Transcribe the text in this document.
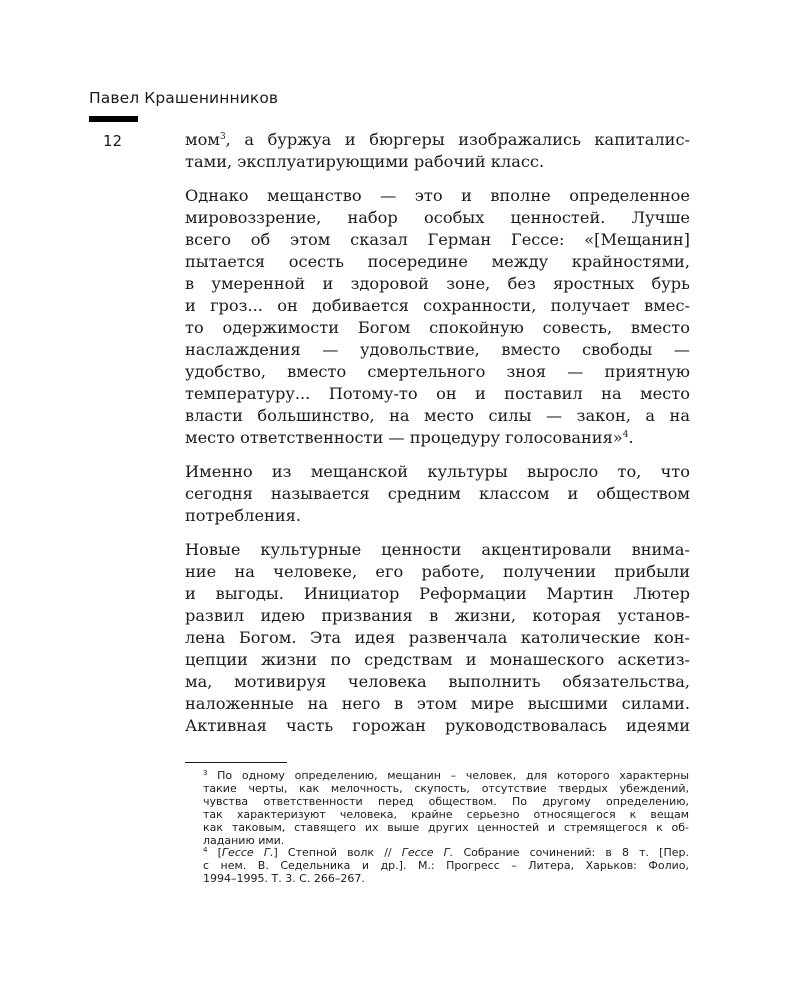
Павел Крашенинников
12	мом$^3$, а буржуа и бюргеры изображались капиталис-
тами, эксплуатирующими рабочий класс.

Однако мещанство — это и вполне определенное
мировоззрение, набор особых ценностей. Лучше
всего об этом сказал Герман Гессе: «[Мещанин]
пытается осесть посередине между крайностями,
в умеренной и здоровой зоне, без яростных бурь
и гроз... он добивается сохранности, получает вмес-
то одержимости Богом спокойную совесть, вместо
наслаждения — удовольствие, вместо свободы —
удобство, вместо смертельного зноя — приятную
температуру... Потому-то он и поставил на место
власти большинство, на место силы — закон, а на
место ответственности — процедуру голосования»$^4$.

Именно из мещанской культуры выросло то, что
сегодня называется средним классом и обществом
потребления.

Новые культурные ценности акцентировали внима-
ние на человеке, его работе, получении прибыли
и выгоды. Инициатор Реформации Мартин Лютер
развил идею призвания в жизни, которая установ-
лена Богом. Эта идея развенчала католические кон-
цепции жизни по средствам и монашеского аскетиз-
ма, мотивируя человека выполнить обязательства,
наложенные на него в этом мире высшими силами.
Активная часть горожан руководствовалась идеями

$^3$ По одному определению, мещанин – человек, для которого характерны
такие черты, как мелочность, скупость, отсутствие твердых убеждений,
чувства ответственности перед обществом. По другому определению,
так характеризуют человека, крайне серьезно относящегося к вещам
как таковым, ставящего их выше других ценностей и стремящегося к об-
ладанию ими.
$^4$ [Гессе Г.] Степной волк // Гессе Г. Собрание сочинений: в 8 т. [Пер.
с нем. В. Седельника и др.]. М.: Прогресс – Литера, Харьков: Фолио,
1994–1995. Т. 3. С. 266–267.
